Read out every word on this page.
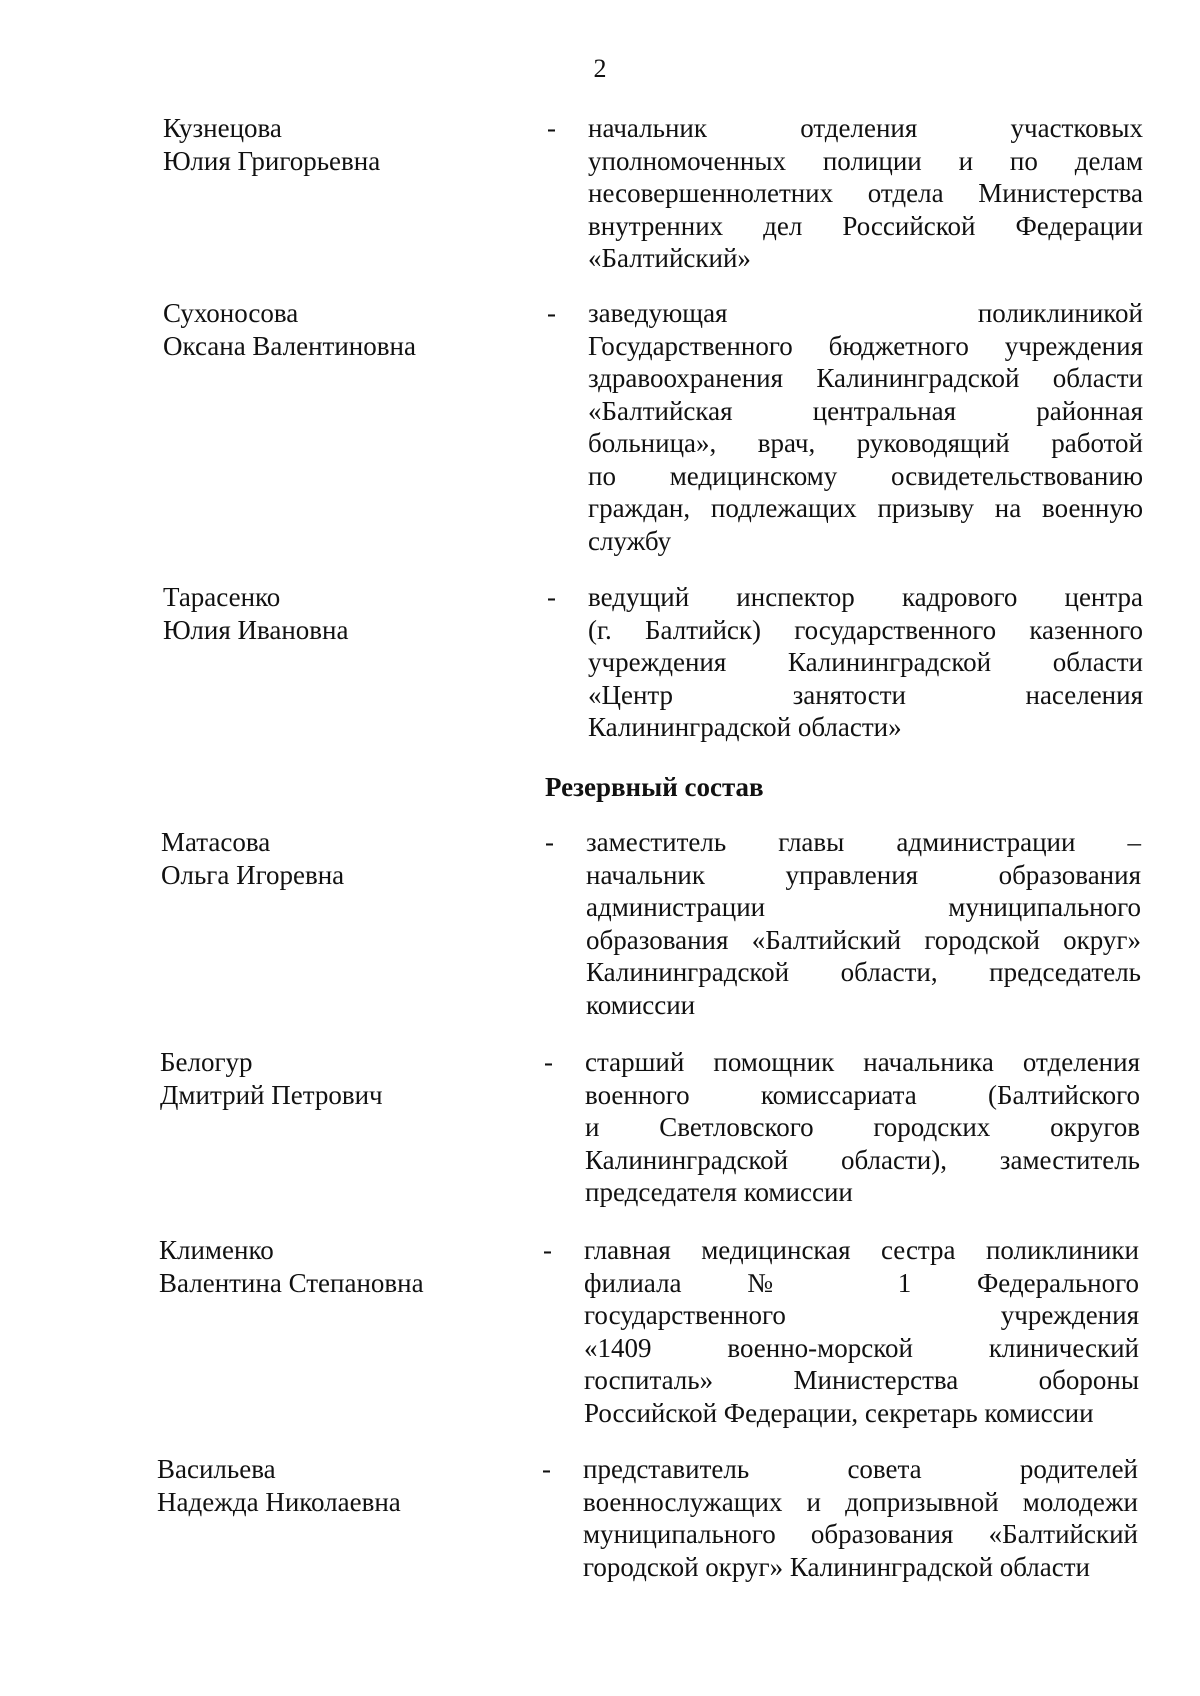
2
Кузнецова
Юлия Григорьевна
- начальник отделения участковых
уполномоченных полиции и по делам
несовершеннолетних отдела Министерства
внутренних дел Российской Федерации
«Балтийский»
Сухоносова
Оксана Валентиновна
- заведующая поликлиникой
Государственного бюджетного учреждения
здравоохранения Калининградской области
«Балтийская центральная районная
больница», врач, руководящий работой
по медицинскому освидетельствованию
граждан, подлежащих призыву на военную
службу
Тарасенко
Юлия Ивановна
- ведущий инспектор кадрового центра
(г. Балтийск) государственного казенного
учреждения Калининградской области
«Центр занятости населения
Калининградской области»
Резервный состав
Матасова
Ольга Игоревна
- заместитель главы администрации –
начальник управления образования
администрации муниципального
образования «Балтийский городской округ»
Калининградской области, председатель
комиссии
Белогур
Дмитрий Петрович
- старший помощник начальника отделения
военного комиссариата (Балтийского
и Светловского городских округов
Калининградской области), заместитель
председателя комиссии
Клименко
Валентина Степановна
- главная медицинская сестра поликлиники
филиала № 1 Федерального
государственного учреждения
«1409 военно-морской клинический
госпиталь» Министерства обороны
Российской Федерации, секретарь комиссии
Васильева
Надежда Николаевна
- представитель совета родителей
военнослужащих и допризывной молодежи
муниципального образования «Балтийский
городской округ» Калининградской области
